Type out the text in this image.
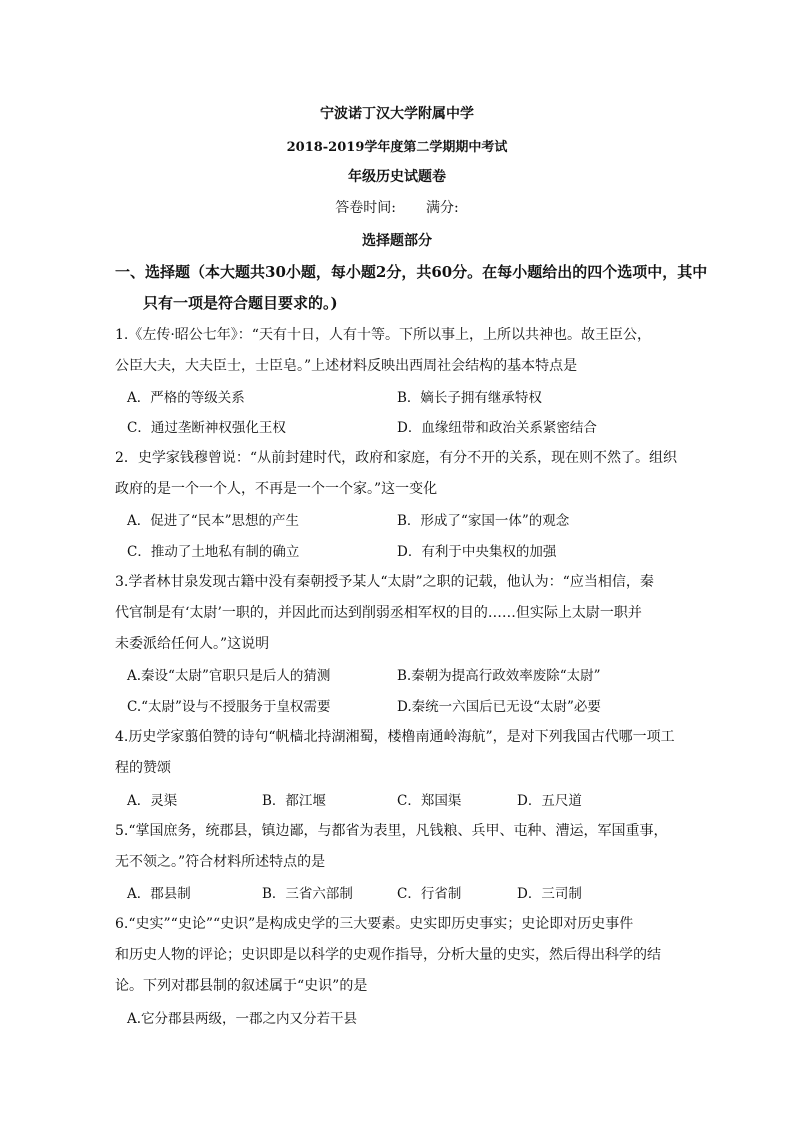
宁波诺丁汉大学附属中学
2018-2019学年度第二学期期中考试
年级历史试题卷
答卷时间: 满分:
选择题部分
一、选择题（本大题共30小题，每小题2分，共60分。在每小题给出的四个选项中，其中
只有一项是符合题目要求的。)
1.《左传·昭公七年》：“天有十日，人有十等。下所以事上，上所以共神也。故王臣公，
公臣大夫，大夫臣士，士臣皂。”上述材料反映出西周社会结构的基本特点是
A．严格的等级关系	B．嫡长子拥有继承特权
C．通过垄断神权强化王权	D．血缘纽带和政治关系紧密结合
2．史学家钱穆曾说：“从前封建时代，政府和家庭，有分不开的关系，现在则不然了。组织
政府的是一个一个人，不再是一个一个家。”这一变化
A．促进了“民本”思想的产生	B．形成了“家国一体”的观念
C．推动了土地私有制的确立	D．有利于中央集权的加强
3.学者林甘泉发现古籍中没有秦朝授予某人“太尉”之职的记载，他认为：“应当相信，秦
代官制是有‘太尉’一职的，并因此而达到削弱丞相军权的目的……但实际上太尉一职并
未委派给任何人。”这说明
A.秦设“太尉”官职只是后人的猜测	B.秦朝为提高行政效率废除“太尉”
C.“太尉”设与不授服务于皇权需要	D.秦统一六国后已无设“太尉”必要
4.历史学家翦伯赞的诗句“帆樯北持湖湘蜀，楼橹南通岭海航”，是对下列我国古代哪一项工
程的赞颂
A．灵渠	B．都江堰	C．郑国渠	D．五尺道
5.“掌国庶务，统郡县，镇边鄙，与都省为表里，凡钱粮、兵甲、屯种、漕运，军国重事，
无不领之。”符合材料所述特点的是
A．郡县制	B．三省六部制	C．行省制	D．三司制
6.“史实”“史论”“史识”是构成史学的三大要素。史实即历史事实；史论即对历史事件
和历史人物的评论；史识即是以科学的史观作指导，分析大量的史实，然后得出科学的结
论。下列对郡县制的叙述属于“史识”的是
A.它分郡县两级，一郡之内又分若干县
